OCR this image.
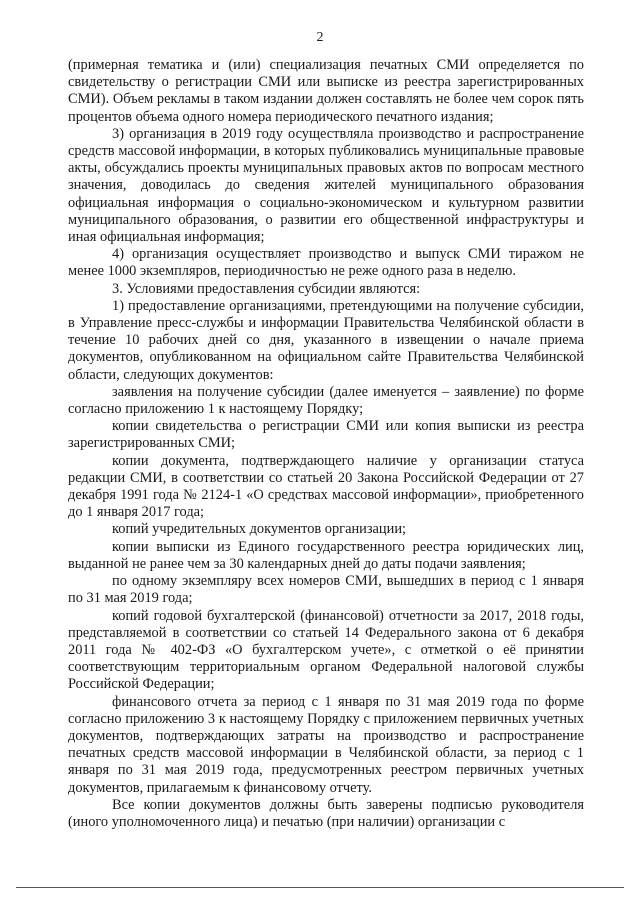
2

(примерная тематика и (или) специализация печатных СМИ определяется по свидетельству о регистрации СМИ или выписке из реестра зарегистрированных СМИ). Объем рекламы в таком издании должен составлять не более чем сорок пять процентов объема одного номера периодического печатного издания;

3) организация в 2019 году осуществляла производство и распространение средств массовой информации, в которых публиковались муниципальные правовые акты, обсуждались проекты муниципальных правовых актов по вопросам местного значения, доводилась до сведения жителей муниципального образования официальная информация о социально-экономическом и культурном развитии муниципального образования, о развитии его общественной инфраструктуры и иная официальная информация;

4) организация осуществляет производство и выпуск СМИ тиражом не менее 1000 экземпляров, периодичностью не реже одного раза в неделю.

3. Условиями предоставления субсидии являются:

1) предоставление организациями, претендующими на получение субсидии, в Управление пресс-службы и информации Правительства Челябинской области в течение 10 рабочих дней со дня, указанного в извещении о начале приема документов, опубликованном на официальном сайте Правительства Челябинской области, следующих документов:

заявления на получение субсидии (далее именуется – заявление) по форме согласно приложению 1 к настоящему Порядку;

копии свидетельства о регистрации СМИ или копия выписки из реестра зарегистрированных СМИ;

копии документа, подтверждающего наличие у организации статуса редакции СМИ, в соответствии со статьей 20 Закона Российской Федерации от 27 декабря 1991 года № 2124-1 «О средствах массовой информации», приобретенного до 1 января 2017 года;

копий учредительных документов организации;

копии выписки из Единого государственного реестра юридических лиц, выданной не ранее чем за 30 календарных дней до даты подачи заявления;

по одному экземпляру всех номеров СМИ, вышедших в период с 1 января по 31 мая 2019 года;

копий годовой бухгалтерской (финансовой) отчетности за 2017, 2018 годы, представляемой в соответствии со статьей 14 Федерального закона от 6 декабря 2011 года № 402-ФЗ «О бухгалтерском учете», с отметкой о её принятии соответствующим территориальным органом Федеральной налоговой службы Российской Федерации;

финансового отчета за период с 1 января по 31 мая 2019 года по форме согласно приложению 3 к настоящему Порядку с приложением первичных учетных документов, подтверждающих затраты на производство и распространение печатных средств массовой информации в Челябинской области, за период с 1 января по 31 мая 2019 года, предусмотренных реестром первичных учетных документов, прилагаемым к финансовому отчету.

Все копии документов должны быть заверены подписью руководителя (иного уполномоченного лица) и печатью (при наличии) организации с
